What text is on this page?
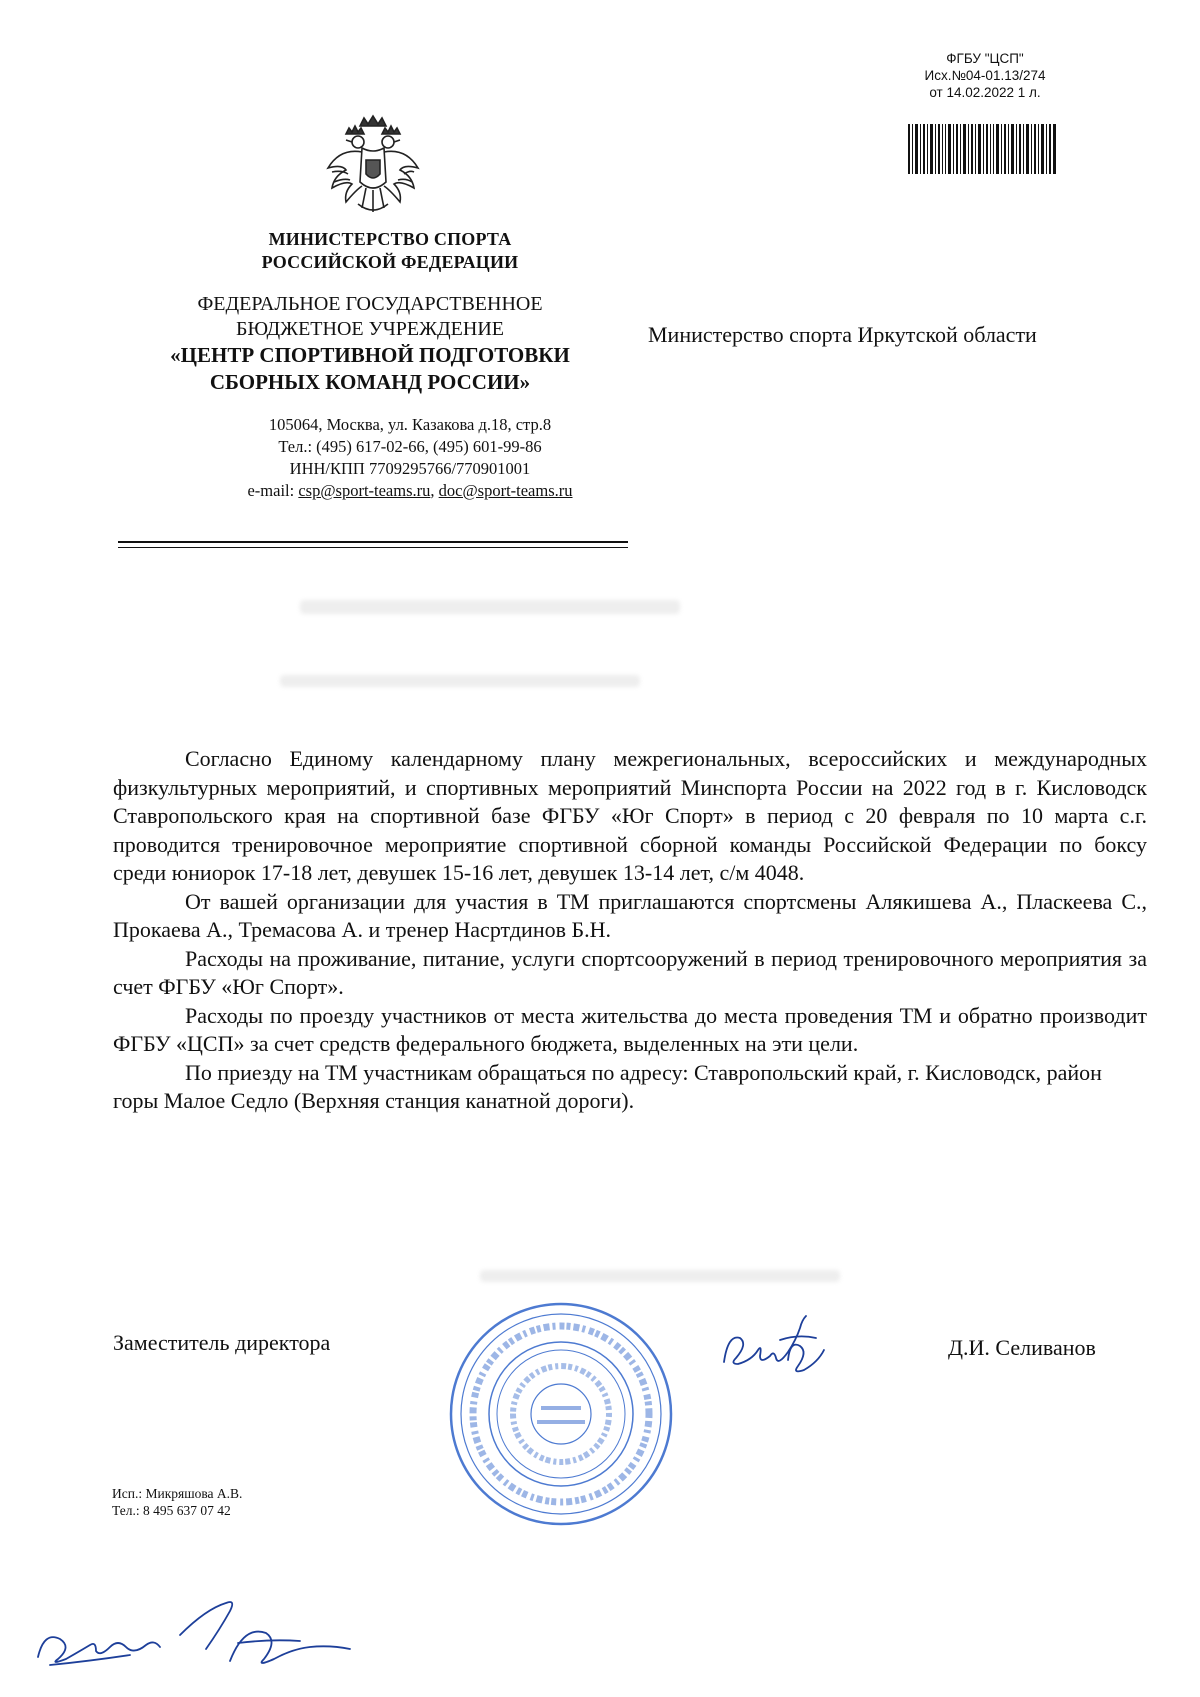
ФГБУ "ЦСП"
Исх.№04-01.13/274
от 14.02.2022 1 л.
МИНИСТЕРСТВО СПОРТА
РОССИЙСКОЙ ФЕДЕРАЦИИ
ФЕДЕРАЛЬНОЕ ГОСУДАРСТВЕННОЕ
БЮДЖЕТНОЕ УЧРЕЖДЕНИЕ
«ЦЕНТР СПОРТИВНОЙ ПОДГОТОВКИ
СБОРНЫХ КОМАНД РОССИИ»
105064, Москва, ул. Казакова д.18, стр.8
Тел.: (495) 617-02-66, (495) 601-99-86
ИНН/КПП 7709295766/770901001
e-mail: csp@sport-teams.ru, doc@sport-teams.ru
Министерство спорта Иркутской области

Согласно Единому календарному плану межрегиональных, всероссийских и международных физкультурных мероприятий, и спортивных мероприятий Минспорта России на 2022 год в г. Кисловодск Ставропольского края на спортивной базе ФГБУ «Юг Спорт» в период с 20 февраля по 10 марта с.г. проводится тренировочное мероприятие спортивной сборной команды Российской Федерации по боксу среди юниорок 17-18 лет, девушек 15-16 лет, девушек 13-14 лет, с/м 4048.

От вашей организации для участия в ТМ приглашаются спортсмены Алякишева А., Пласкеева С., Прокаева А., Тремасова А. и тренер Насртдинов Б.Н.

Расходы на проживание, питание, услуги спортсооружений в период тренировочного мероприятия за счет ФГБУ «Юг Спорт».

Расходы по проезду участников от места жительства до места проведения ТМ и обратно производит ФГБУ «ЦСП» за счет средств федерального бюджета, выделенных на эти цели.

По приезду на ТМ участникам обращаться по адресу: Ставропольский край, г. Кисловодск, район горы Малое Седло (Верхняя станция канатной дороги).

Заместитель директора	Д.И. Селиванов
Исп.: Микряшова А.В.
Тел.: 8 495 637 07 42
